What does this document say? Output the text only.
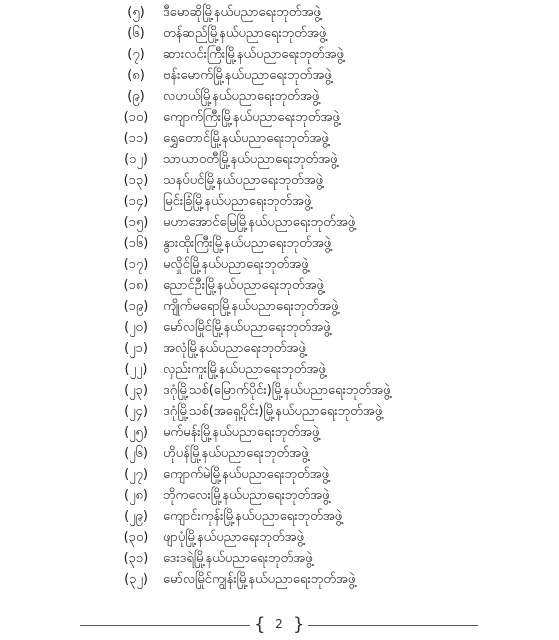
(၅)	ဒီမောဆိုမြို့နယ်ပညာရေးဘုတ်အဖွဲ့
(၆)	တန်ဆည်မြို့နယ်ပညာရေးဘုတ်အဖွဲ့
(၇)	ဆားလင်းကြီးမြို့နယ်ပညာရေးဘုတ်အဖွဲ့
(၈)	ဗန်းမောက်မြို့နယ်ပညာရေးဘုတ်အဖွဲ့
(၉)	လဟယ်မြို့နယ်ပညာရေးဘုတ်အဖွဲ့
(၁၀)	ကျောက်ကြီးမြို့နယ်ပညာရေးဘုတ်အဖွဲ့
(၁၁)	ရွှေတောင်မြို့နယ်ပညာရေးဘုတ်အဖွဲ့
(၁၂)	သာယာဝတီမြို့နယ်ပညာရေးဘုတ်အဖွဲ့
(၁၃)	သနပ်ပင်မြို့နယ်ပညာရေးဘုတ်အဖွဲ့
(၁၄)	မြင်းခြံမြို့နယ်ပညာရေးဘုတ်အဖွဲ့
(၁၅)	မဟာအောင်မြေမြို့နယ်ပညာရေးဘုတ်အဖွဲ့
(၁၆)	နွားထိုးကြီးမြို့နယ်ပညာရေးဘုတ်အဖွဲ့
(၁၇)	မလှိုင်မြို့နယ်ပညာရေးဘုတ်အဖွဲ့
(၁၈)	ညောင်ဦးမြို့နယ်ပညာရေးဘုတ်အဖွဲ့
(၁၉)	ကျိုက်မရောမြို့နယ်ပညာရေးဘုတ်အဖွဲ့
(၂၀)	မော်လမြိုင်မြို့နယ်ပညာရေးဘုတ်အဖွဲ့
(၂၁)	အလုံမြို့နယ်ပညာရေးဘုတ်အဖွဲ့
(၂၂)	လှည်းကူးမြို့နယ်ပညာရေးဘုတ်အဖွဲ့
(၂၃)	ဒဂုံမြို့သစ်(မြောက်ပိုင်း)မြို့နယ်ပညာရေးဘုတ်အဖွဲ့
(၂၄)	ဒဂုံမြို့သစ်(အရှေ့ပိုင်း)မြို့နယ်ပညာရေးဘုတ်အဖွဲ့
(၂၅)	မက်မန်းမြို့နယ်ပညာရေးဘုတ်အဖွဲ့
(၂၆)	ဟိုပန်မြို့နယ်ပညာရေးဘုတ်အဖွဲ့
(၂၇)	ကျောက်မဲမြို့နယ်ပညာရေးဘုတ်အဖွဲ့
(၂၈)	ဘိုကလေးမြို့နယ်ပညာရေးဘုတ်အဖွဲ့
(၂၉)	ကျောင်းကုန်းမြို့နယ်ပညာရေးဘုတ်အဖွဲ့
(၃၀)	ဖျာပုံမြို့နယ်ပညာရေးဘုတ်အဖွဲ့
(၃၁)	ဒေးဒရဲမြို့နယ်ပညာရေးဘုတ်အဖွဲ့
(၃၂)	မော်လမြိုင်ကျွန်းမြို့နယ်ပညာရေးဘုတ်အဖွဲ့
{ 2 }
